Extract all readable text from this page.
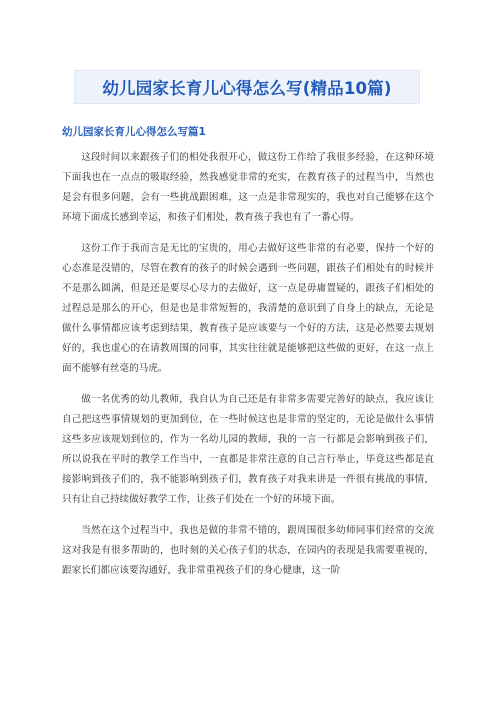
幼儿园家长育儿心得怎么写(精品10篇)
幼儿园家长育儿心得怎么写篇1

这段时间以来跟孩子们的相处我很开心，做这份工作给了我很多经验，在这种环境下面我也在一点点的吸取经验，然我感觉非常的充实，在教育孩子的过程当中，当然也是会有很多问题，会有一些挑战跟困难，这一点是非常现实的，我也对自己能够在这个环境下面成长感到幸运，和孩子们相处，教育孩子我也有了一番心得。

这份工作于我而言是无比的宝贵的，用心去做好这些非常的有必要，保持一个好的心态准是没错的，尽管在教育的孩子的时候会遇到一些问题，跟孩子们相处有的时候并不是那么圆满，但是还是要尽心尽力的去做好，这一点是毋庸置疑的，跟孩子们相处的过程总是那么的开心，但是也是非常短暂的，我清楚的意识到了自身上的缺点，无论是做什么事情都应该考虑到结果，教育孩子是应该要与一个好的方法，这是必然要去规划好的，我也虚心的在请教周围的同事，其实往往就是能够把这些做的更好，在这一点上面不能够有丝毫的马虎。

做一名优秀的幼儿教师，我自认为自己还是有非常多需要完善好的缺点，我应该让自己把这些事情规划的更加到位，在一些时候这也是非常的坚定的，无论是做什么事情这些多应该规划到位的，作为一名幼儿园的教师，我的一言一行都是会影响到孩子们，所以说我在平时的教学工作当中，一直都是非常注意的自己言行举止，毕竟这些都是直接影响到孩子们的，我不能影响到孩子们，教育孩子对我来讲是一件很有挑战的事情，只有让自己持续做好教学工作，让孩子们处在一个好的环境下面。

当然在这个过程当中，我也是做的非常不错的，跟周围很多幼师同事们经常的交流这对我是有很多帮助的，也时刻的关心孩子们的状态，在园内的表现是我需要重视的，跟家长们都应该要沟通好，我非常重视孩子们的身心健康，这一阶
